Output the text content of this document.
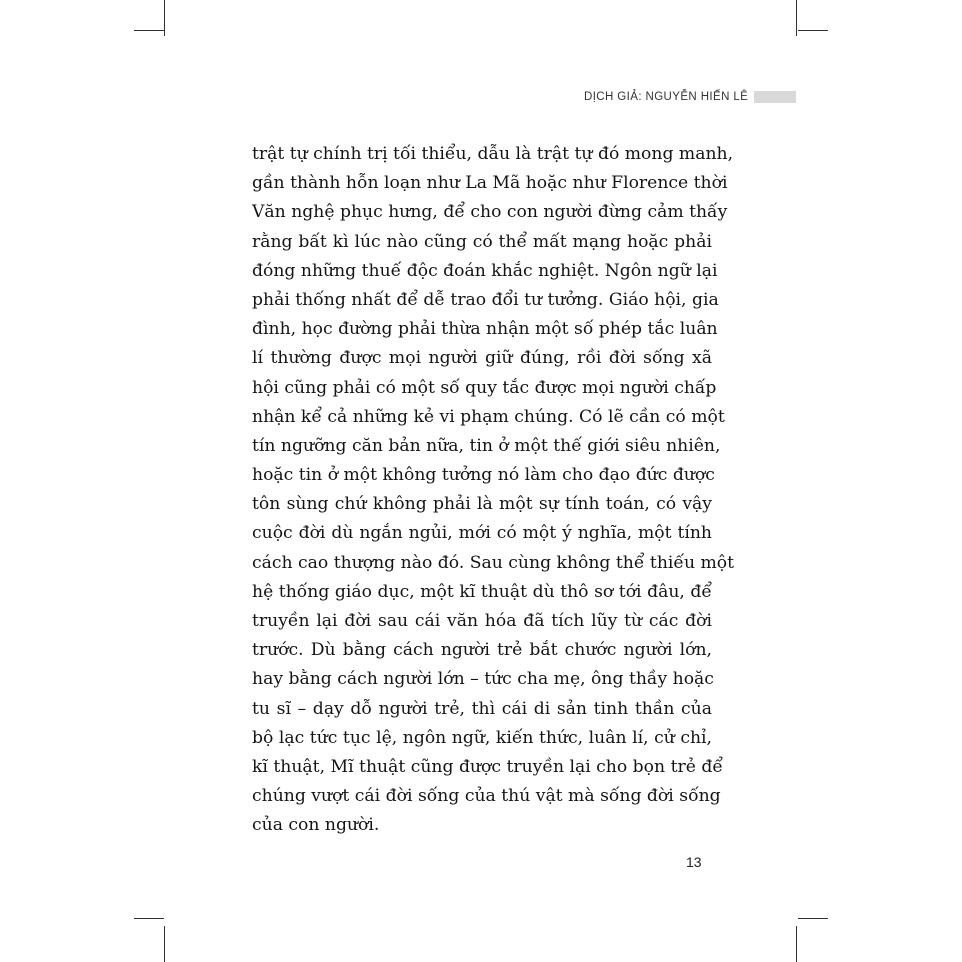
DỊCH GIẢ: NGUYỄN HIẾN LÊ
trật tự chính trị tối thiểu, dẫu là trật tự đó mong manh,
gần thành hỗn loạn như La Mã hoặc như Florence thời
Văn nghệ phục hưng, để cho con người đừng cảm thấy
rằng bất kì lúc nào cũng có thể mất mạng hoặc phải
đóng những thuế độc đoán khắc nghiệt. Ngôn ngữ lại
phải thống nhất để dễ trao đổi tư tưởng. Giáo hội, gia
đình, học đường phải thừa nhận một số phép tắc luân
lí thường được mọi người giữ đúng, rồi đời sống xã
hội cũng phải có một số quy tắc được mọi người chấp
nhận kể cả những kẻ vi phạm chúng. Có lẽ cần có một
tín ngưỡng căn bản nữa, tin ở một thế giới siêu nhiên,
hoặc tin ở một không tưởng nó làm cho đạo đức được
tôn sùng chứ không phải là một sự tính toán, có vậy
cuộc đời dù ngắn ngủi, mới có một ý nghĩa, một tính
cách cao thượng nào đó. Sau cùng không thể thiếu một
hệ thống giáo dục, một kĩ thuật dù thô sơ tới đâu, để
truyền lại đời sau cái văn hóa đã tích lũy từ các đời
trước. Dù bằng cách người trẻ bắt chước người lớn,
hay bằng cách người lớn – tức cha mẹ, ông thầy hoặc
tu sĩ – dạy dỗ người trẻ, thì cái di sản tinh thần của
bộ lạc tức tục lệ, ngôn ngữ, kiến thức, luân lí, cử chỉ,
kĩ thuật, Mĩ thuật cũng được truyền lại cho bọn trẻ để
chúng vượt cái đời sống của thú vật mà sống đời sống
của con người.
13
